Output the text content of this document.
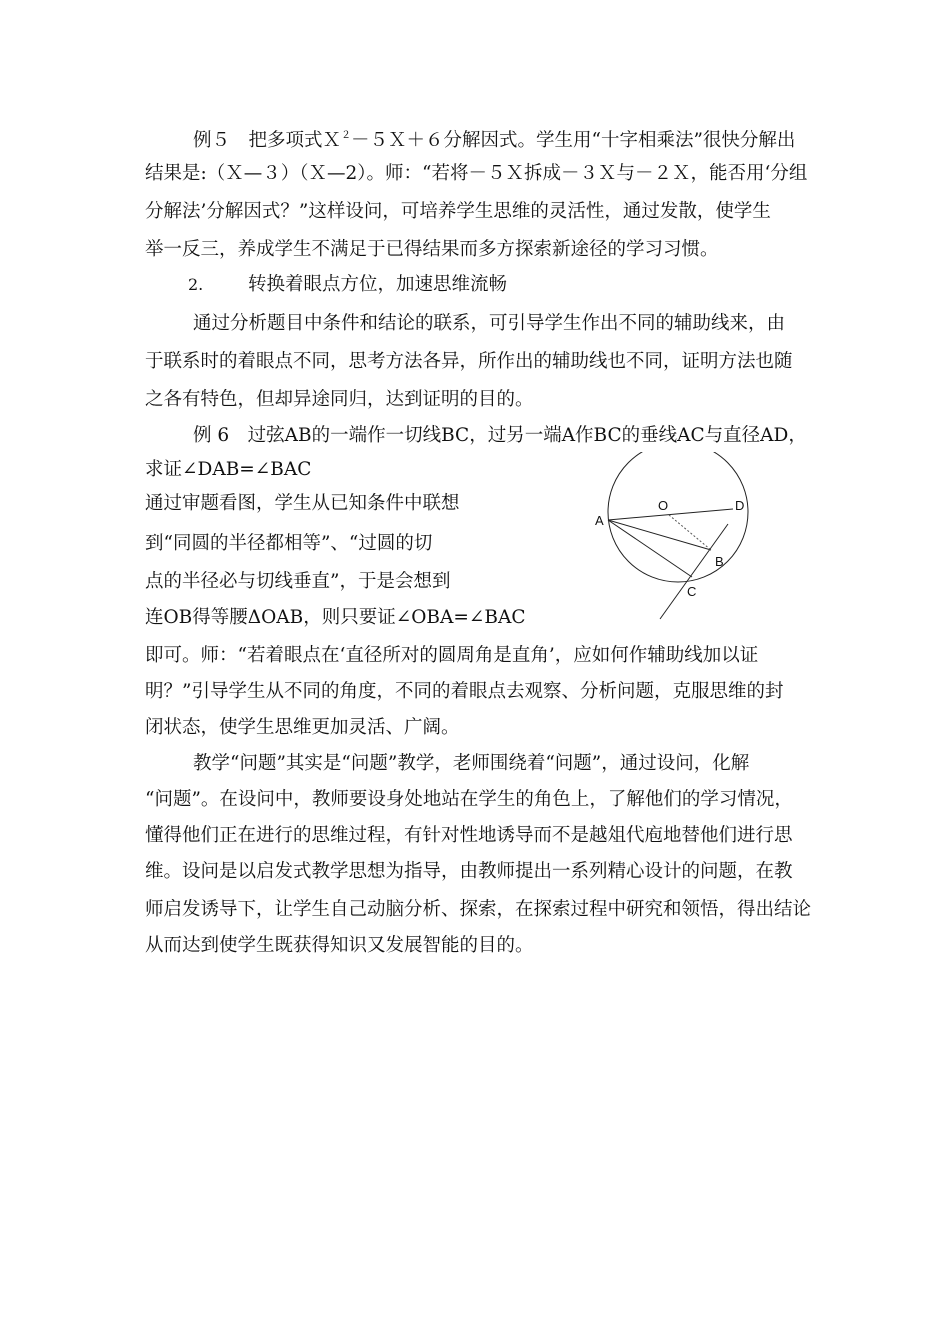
例５　把多项式Ｘ$^2$－５Ｘ＋６分解因式。学生用“十字相乘法”很快分解出
结果是:（Ｘ—３）（Ｘ—2）。师：“若将－５Ｘ拆成－３Ｘ与－２Ｘ，能否用‘分组
分解法’分解因式？”这样设问，可培养学生思维的灵活性，通过发散，使学生
举一反三，养成学生不满足于已得结果而多方探索新途径的学习习惯。
2.	转换着眼点方位，加速思维流畅
通过分析题目中条件和结论的联系，可引导学生作出不同的辅助线来，由
于联系时的着眼点不同，思考方法各异，所作出的辅助线也不同，证明方法也随
之各有特色，但却异途同归，达到证明的目的。
例 6　过弦AB的一端作一切线BC，过另一端A作BC的垂线AC与直径AD，
求证∠DAB=∠BAC
通过审题看图，学生从已知条件中联想
到“同圆的半径都相等”、“过圆的切
点的半径必与切线垂直”，于是会想到
连OB得等腰ΔOAB，则只要证∠OBA=∠BAC
即可。师：“若着眼点在‘直径所对的圆周角是直角’，应如何作辅助线加以证
明？”引导学生从不同的角度，不同的着眼点去观察、分析问题，克服思维的封
闭状态，使学生思维更加灵活、广阔。
O	D
A
B
C
教学“问题”其实是“问题”教学，老师围绕着“问题”，通过设问，化解
“问题”。在设问中，教师要设身处地站在学生的角色上，了解他们的学习情况，
懂得他们正在进行的思维过程，有针对性地诱导而不是越俎代庖地替他们进行思
维。设问是以启发式教学思想为指导，由教师提出一系列精心设计的问题，在教
师启发诱导下，让学生自己动脑分析、探索，在探索过程中研究和领悟，得出结论
从而达到使学生既获得知识又发展智能的目的。
